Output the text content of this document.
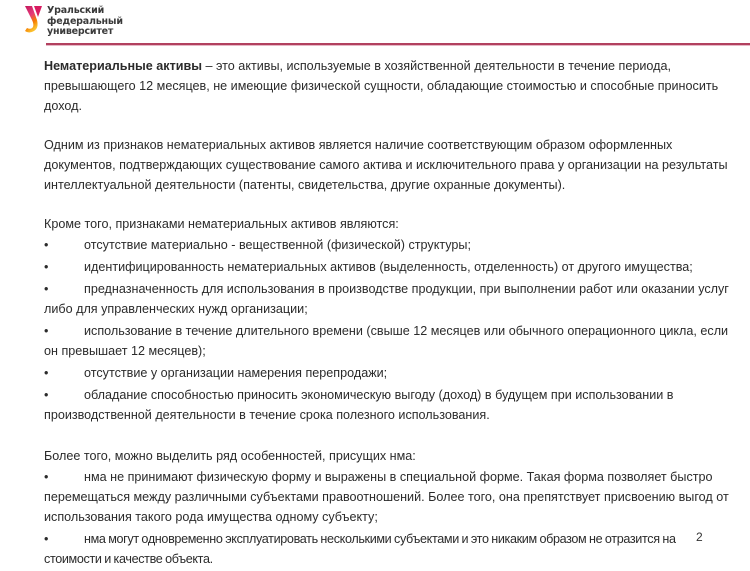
Уральский
федеральный
университет

Нематериальные активы – это активы, используемые в хозяйственной деятельности в течение периода, превышающего 12 месяцев, не имеющие физической сущности, обладающие стоимостью и способные приносить доход.

Одним из признаков нематериальных активов является наличие соответствующим образом оформленных документов, подтверждающих существование самого актива и исключительного права у организации на результаты интеллектуальной деятельности (патенты, свидетельства, другие охранные документы).

Кроме того, признаками нематериальных активов являются:

•	отсутствие материально - вещественной (физической) структуры;

•	идентифицированность нематериальных активов (выделенность, отделенность) от другого имущества;

•	предназначенность для использования в производстве продукции, при выполнении работ или оказании услуг либо для управленческих нужд организации;

•	использование в течение длительного времени (свыше 12 месяцев или обычного операционного цикла, если он превышает 12 месяцев);

•	отсутствие у организации намерения перепродажи;

•	обладание способностью приносить экономическую выгоду (доход) в будущем при использовании в производственной деятельности в течение срока полезного использования.

Более того, можно выделить ряд особенностей, присущих нма:

•	нма не принимают физическую форму и выражены в специальной форме. Такая форма позволяет быстро перемещаться между различными субъектами правоотношений. Более того, она препятствует присвоению выгод от использования такого рода имущества одному субъекту;

•	нма могут одновременно эксплуатировать несколькими субъектами и это никаким образом не отразится на стоимости и качестве объекта.

2
